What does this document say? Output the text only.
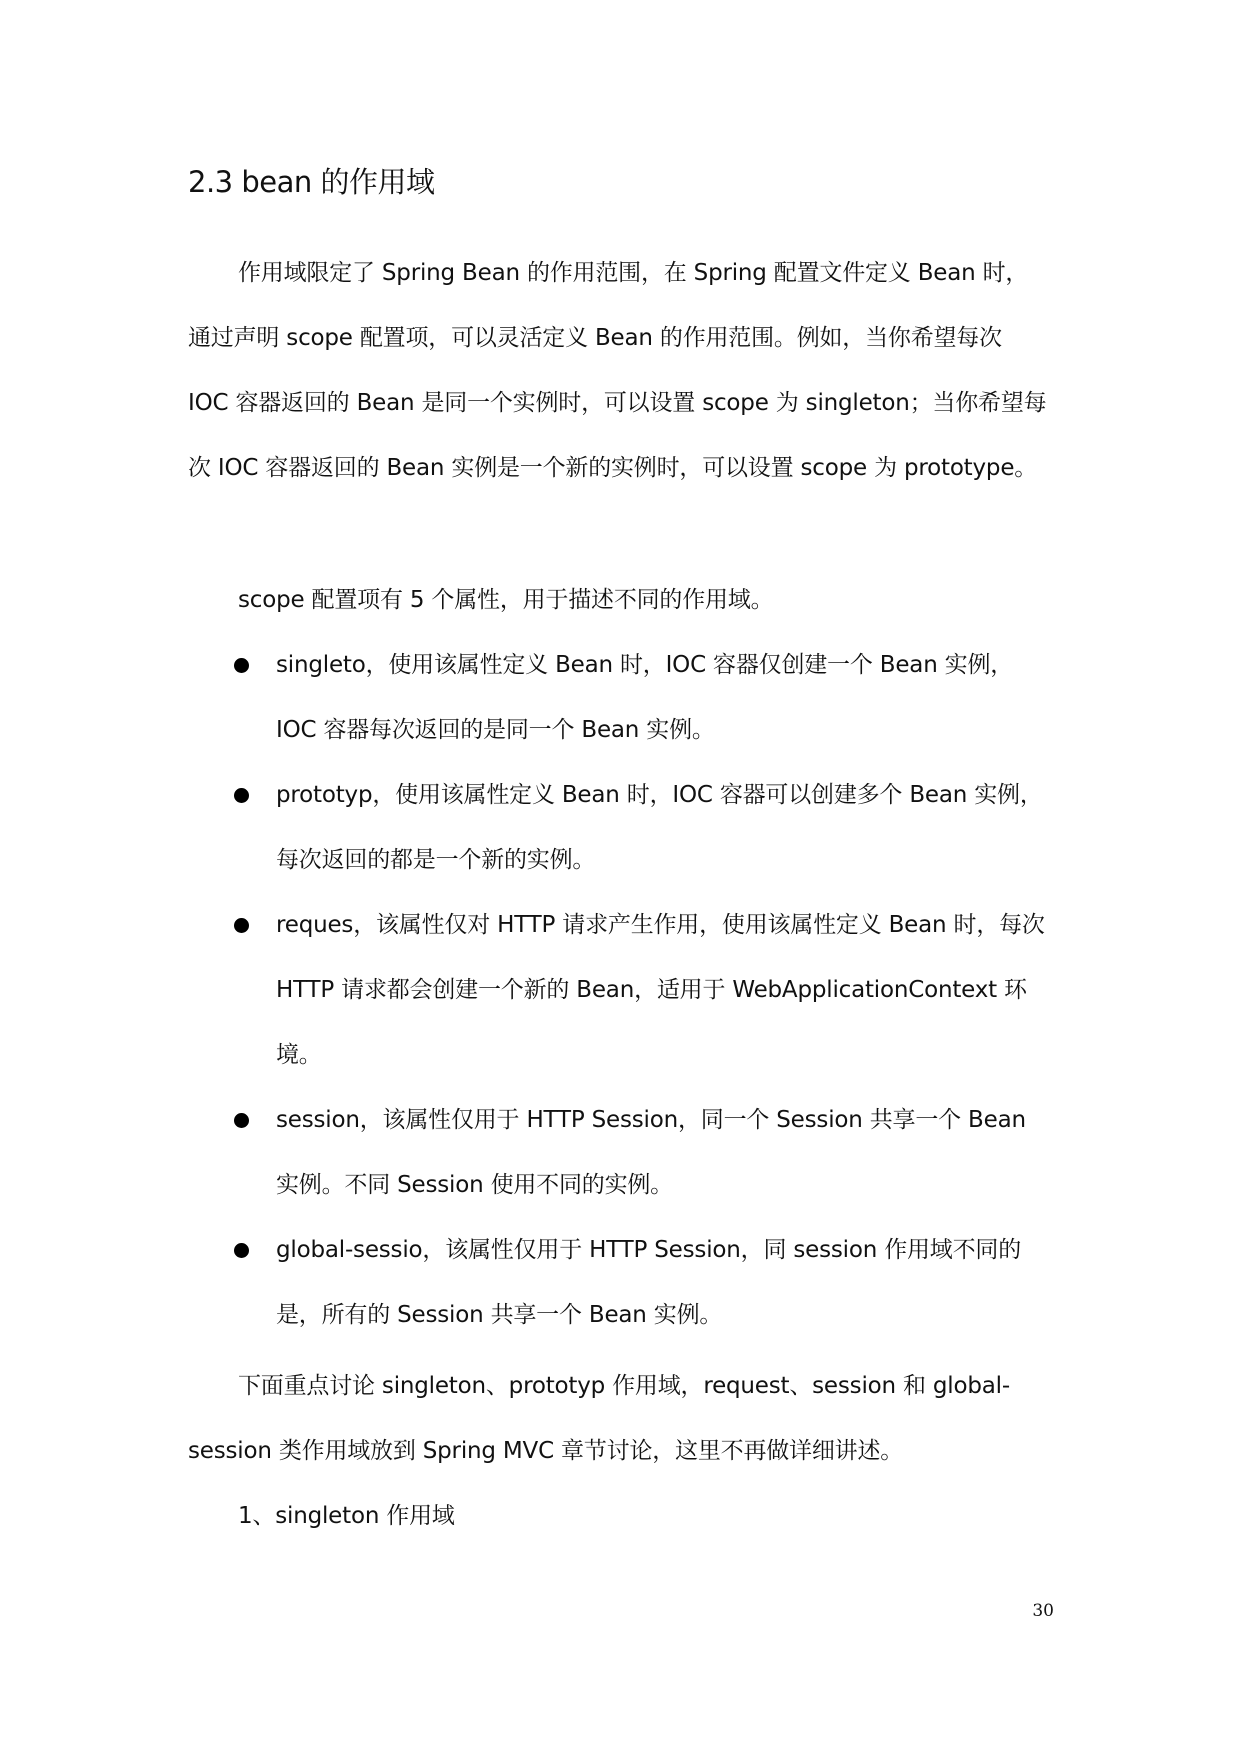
2.3 bean 的作用域

作用域限定了 Spring Bean 的作用范围，在 Spring 配置文件定义 Bean 时，通过声明 scope 配置项，可以灵活定义 Bean 的作用范围。例如，当你希望每次 IOC 容器返回的 Bean 是同一个实例时，可以设置 scope 为 singleton；当你希望每次 IOC 容器返回的 Bean 实例是一个新的实例时，可以设置 scope 为 prototype。

scope 配置项有 5 个属性，用于描述不同的作用域。

singleto，使用该属性定义 Bean 时，IOC 容器仅创建一个 Bean 实例，IOC 容器每次返回的是同一个 Bean 实例。
prototyp，使用该属性定义 Bean 时，IOC 容器可以创建多个 Bean 实例，每次返回的都是一个新的实例。
reques，该属性仅对 HTTP 请求产生作用，使用该属性定义 Bean 时，每次 HTTP 请求都会创建一个新的 Bean，适用于 WebApplicationContext 环境。
session，该属性仅用于 HTTP Session，同一个 Session 共享一个 Bean 实例。不同 Session 使用不同的实例。
global-sessio，该属性仅用于 HTTP Session，同 session 作用域不同的是，所有的 Session 共享一个 Bean 实例。

下面重点讨论 singleton、prototyp 作用域，request、session 和 global-session 类作用域放到 Spring MVC 章节讨论，这里不再做详细讲述。

1、singleton 作用域

30
